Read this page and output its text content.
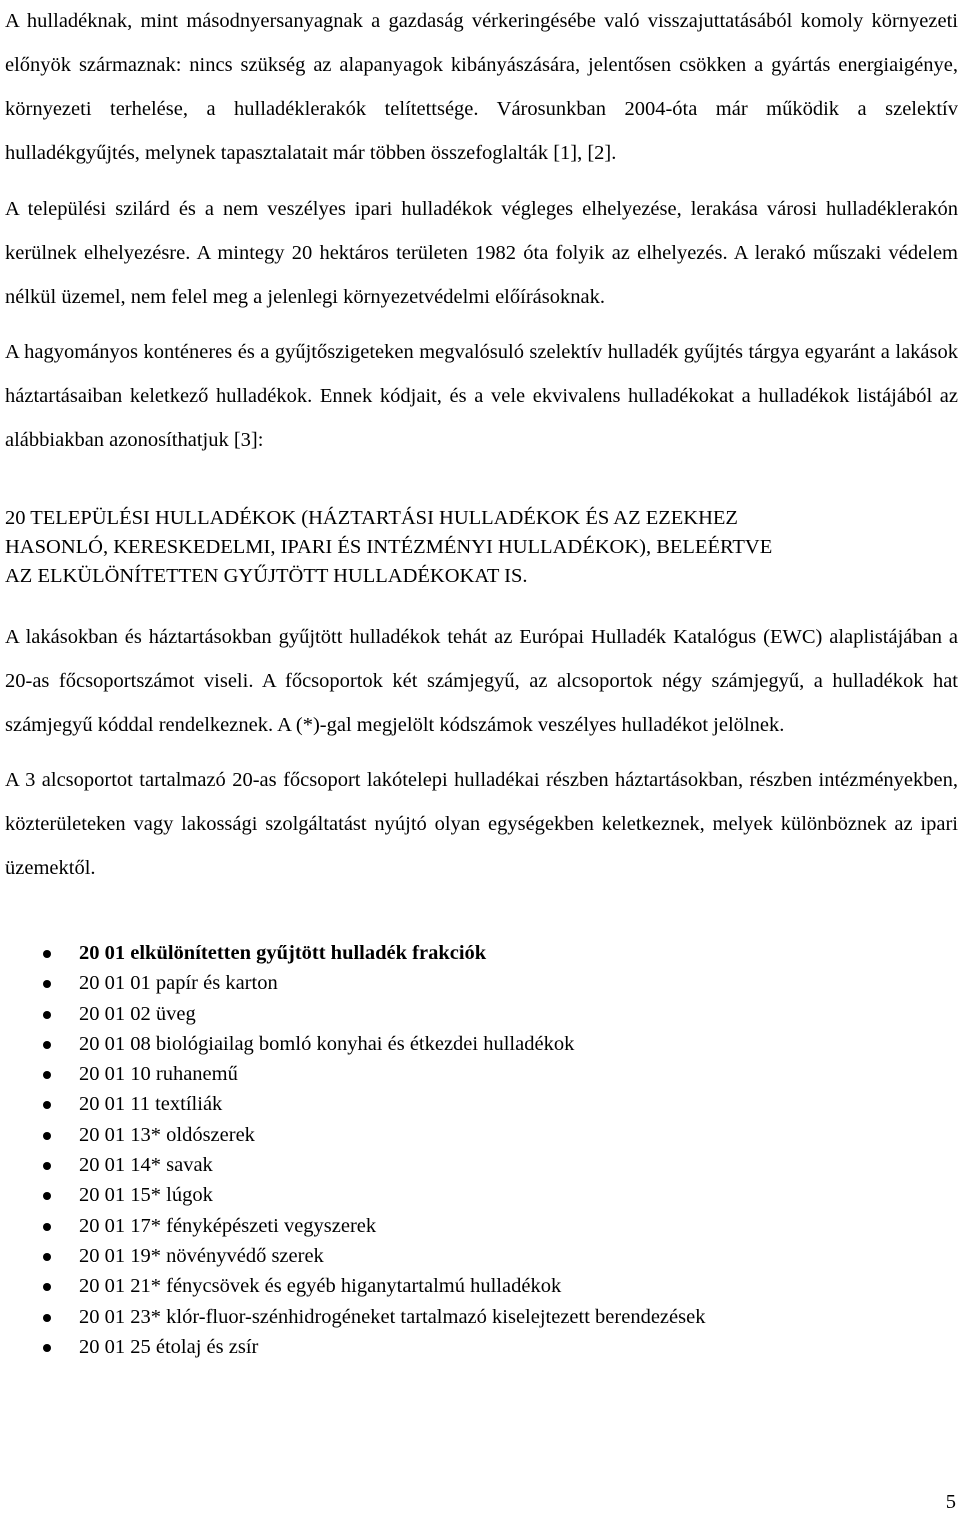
A hulladéknak, mint másodnyersanyagnak a gazdaság vérkeringésébe való visszajuttatásából komoly környezeti előnyök származnak: nincs szükség az alapanyagok kibányászására, jelentősen csökken a gyártás energiaigénye, környezeti terhelése, a hulladéklerakók telítettsége. Városunkban 2004-óta már működik a szelektív hulladékgyűjtés, melynek tapasztalatait már többen összefoglalták [1], [2].

A települési szilárd és a nem veszélyes ipari hulladékok végleges elhelyezése, lerakása városi hulladéklerakón kerülnek elhelyezésre. A mintegy 20 hektáros területen 1982 óta folyik az elhelyezés. A lerakó műszaki védelem nélkül üzemel, nem felel meg a jelenlegi környezetvédelmi előírásoknak.

A hagyományos konténeres és a gyűjtőszigeteken megvalósuló szelektív hulladék gyűjtés tárgya egyaránt a lakások háztartásaiban keletkező hulladékok. Ennek kódjait, és a vele ekvivalens hulladékokat a hulladékok listájából az alábbiakban azonosíthatjuk [3]:

20 TELEPÜLÉSI HULLADÉKOK (HÁZTARTÁSI HULLADÉKOK ÉS AZ EZEKHEZ
HASONLÓ, KERESKEDELMI, IPARI ÉS INTÉZMÉNYI HULLADÉKOK), BELEÉRTVE
AZ ELKÜLÖNÍTETTEN GYŰJTÖTT HULLADÉKOKAT IS.

A lakásokban és háztartásokban gyűjtött hulladékok tehát az Európai Hulladék Katalógus (EWC) alaplistájában a 20-as főcsoportszámot viseli. A főcsoportok két számjegyű, az alcsoportok négy számjegyű, a hulladékok hat számjegyű kóddal rendelkeznek. A (*)-gal megjelölt kódszámok veszélyes hulladékot jelölnek.

A 3 alcsoportot tartalmazó 20-as főcsoport lakótelepi hulladékai részben háztartásokban, részben intézményekben, közterületeken vagy lakossági szolgáltatást nyújtó olyan egységekben keletkeznek, melyek különböznek az ipari üzemektől.

20 01 elkülönítetten gyűjtött hulladék frakciók
20 01 01 papír és karton
20 01 02 üveg
20 01 08 biológiailag bomló konyhai és étkezdei hulladékok
20 01 10 ruhanemű
20 01 11 textíliák
20 01 13* oldószerek
20 01 14* savak
20 01 15* lúgok
20 01 17* fényképészeti vegyszerek
20 01 19* növényvédő szerek
20 01 21* fénycsövek és egyéb higanytartalmú hulladékok
20 01 23* klór-fluor-szénhidrogéneket tartalmazó kiselejtezett berendezések
20 01 25 étolaj és zsír
5
